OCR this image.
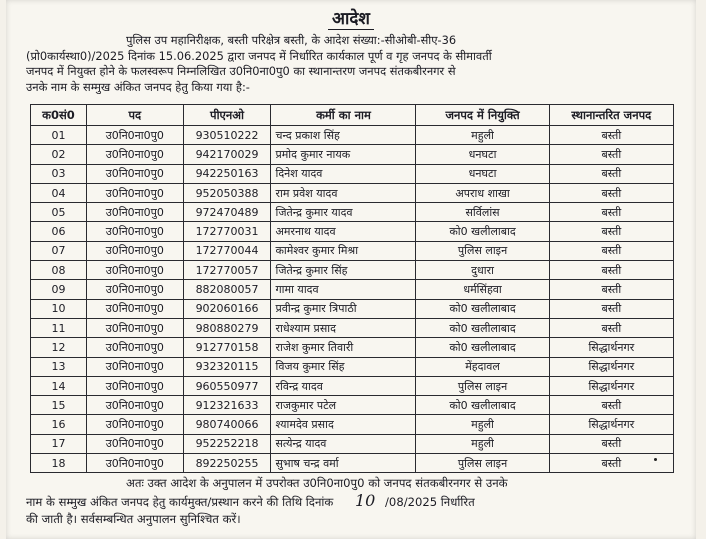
आदेश
पुलिस उप महानिरीक्षक, बस्ती परिक्षेत्र बस्ती, के आदेश संख्या:-सीओबी-सीए-36
(प्रो0कार्यस्था0)/2025 दिनांक 15.06.2025 द्वारा जनपद में निर्धारित कार्यकाल पूर्ण व गृह जनपद के सीमावर्ती
जनपद में नियुक्त होने के फलस्वरूप निम्नलिखित उ0नि0ना0पु0 का स्थानान्तरण जनपद संतकबीरनगर से
उनके नाम के सम्मुख अंकित जनपद हेतु किया गया है:-
क0सं0	पद	पीएनओ	कर्मी का नाम	जनपद में नियुक्ति	स्थानान्तरित जनपद
01	उ0नि0ना0पु0	930510222	चन्द प्रकाश सिंह	महुली	बस्ती
02	उ0नि0ना0पु0	942170029	प्रमोद कुमार नायक	धनघटा	बस्ती
03	उ0नि0ना0पु0	942250163	दिनेश यादव	धनघटा	बस्ती
04	उ0नि0ना0पु0	952050388	राम प्रवेश यादव	अपराध शाखा	बस्ती
05	उ0नि0ना0पु0	972470489	जितेन्द्र कुमार यादव	सर्विलांस	बस्ती
06	उ0नि0ना0पु0	172770031	अमरनाथ यादव	को0 खलीलाबाद	बस्ती
07	उ0नि0ना0पु0	172770044	कामेश्वर कुमार मिश्रा	पुलिस लाइन	बस्ती
08	उ0नि0ना0पु0	172770057	जितेन्द्र कुमार सिंह	दुधारा	बस्ती
09	उ0नि0ना0पु0	882080057	गामा यादव	धर्मसिंहवा	बस्ती
10	उ0नि0ना0पु0	902060166	प्रवीन्द्र कुमार त्रिपाठी	को0 खलीलाबाद	बस्ती
11	उ0नि0ना0पु0	980880279	राधेश्याम प्रसाद	को0 खलीलाबाद	बस्ती
12	उ0नि0ना0पु0	912770158	राजेश कुमार तिवारी	को0 खलीलाबाद	सिद्धार्थनगर
13	उ0नि0ना0पु0	932320115	विजय कुमार सिंह	मेंहदावल	सिद्धार्थनगर
14	उ0नि0ना0पु0	960550977	रविन्द्र यादव	पुलिस लाइन	सिद्धार्थनगर
15	उ0नि0ना0पु0	912321633	राजकुमार पटेल	को0 खलीलाबाद	बस्ती
16	उ0नि0ना0पु0	980740066	श्यामदेव प्रसाद	महुली	सिद्धार्थनगर
17	उ0नि0ना0पु0	952252218	सत्येन्द्र यादव	महुली	बस्ती
18	उ0नि0ना0पु0	892250255	सुभाष चन्द्र वर्मा	पुलिस लाइन	बस्ती
अतः उक्त आदेश के अनुपालन में उपरोक्त उ0नि0ना0पु0 को जनपद संतकबीरनगर से उनके
नाम के सम्मुख अंकित जनपद हेतु कार्यमुक्त/प्रस्थान करने की तिथि दिनांक 10 /08/2025 निर्धारित
की जाती है। सर्वसम्बन्धित अनुपालन सुनिश्चित करें।
